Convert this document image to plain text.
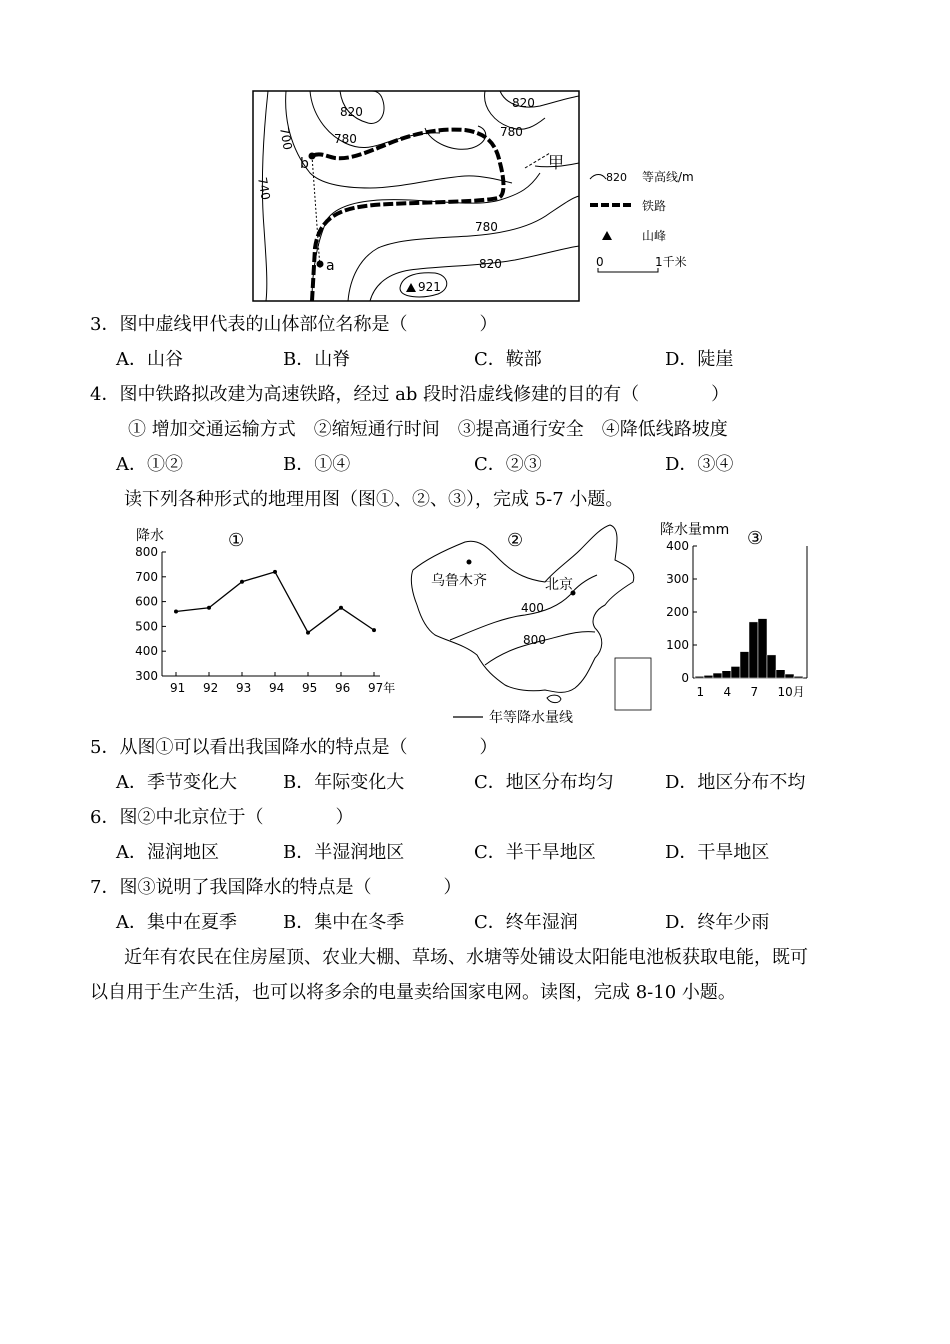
820
780
700
740
820
780
780
820
921
b
a
甲
820 等高线/m
铁路
山峰
0	1千米
3．图中虚线甲代表的山体部位名称是（　　　　）
A．山谷	B．山脊	C．鞍部	D．陡崖
4．图中铁路拟改建为高速铁路，经过 ab 段时沿虚线修建的目的有（　　　　）
① 增加交通运输方式　②缩短通行时间　③提高通行安全　④降低线路坡度
A．①②	B．①④	C．②③	D．③④
读下列各种形式的地理用图（图①、②、③），完成 5-7 小题。
降水	①
800
700
600
500
400
300
91 92 93 94 95 96 97年
②
乌鲁木齐	北京
400
800
年等降水量线
降水量mm ③
400
300
200
100
0
1 4 7 10月
5．从图①可以看出我国降水的特点是（　　　　）
A．季节变化大	B．年际变化大	C．地区分布均匀	D．地区分布不均
6．图②中北京位于（　　　　）
A．湿润地区	B．半湿润地区	C．半干旱地区	D．干旱地区
7．图③说明了我国降水的特点是（　　　　）
A．集中在夏季	B．集中在冬季	C．终年湿润	D．终年少雨
近年有农民在住房屋顶、农业大棚、草场、水塘等处铺设太阳能电池板获取电能，既可
以自用于生产生活，也可以将多余的电量卖给国家电网。读图，完成 8-10 小题。
